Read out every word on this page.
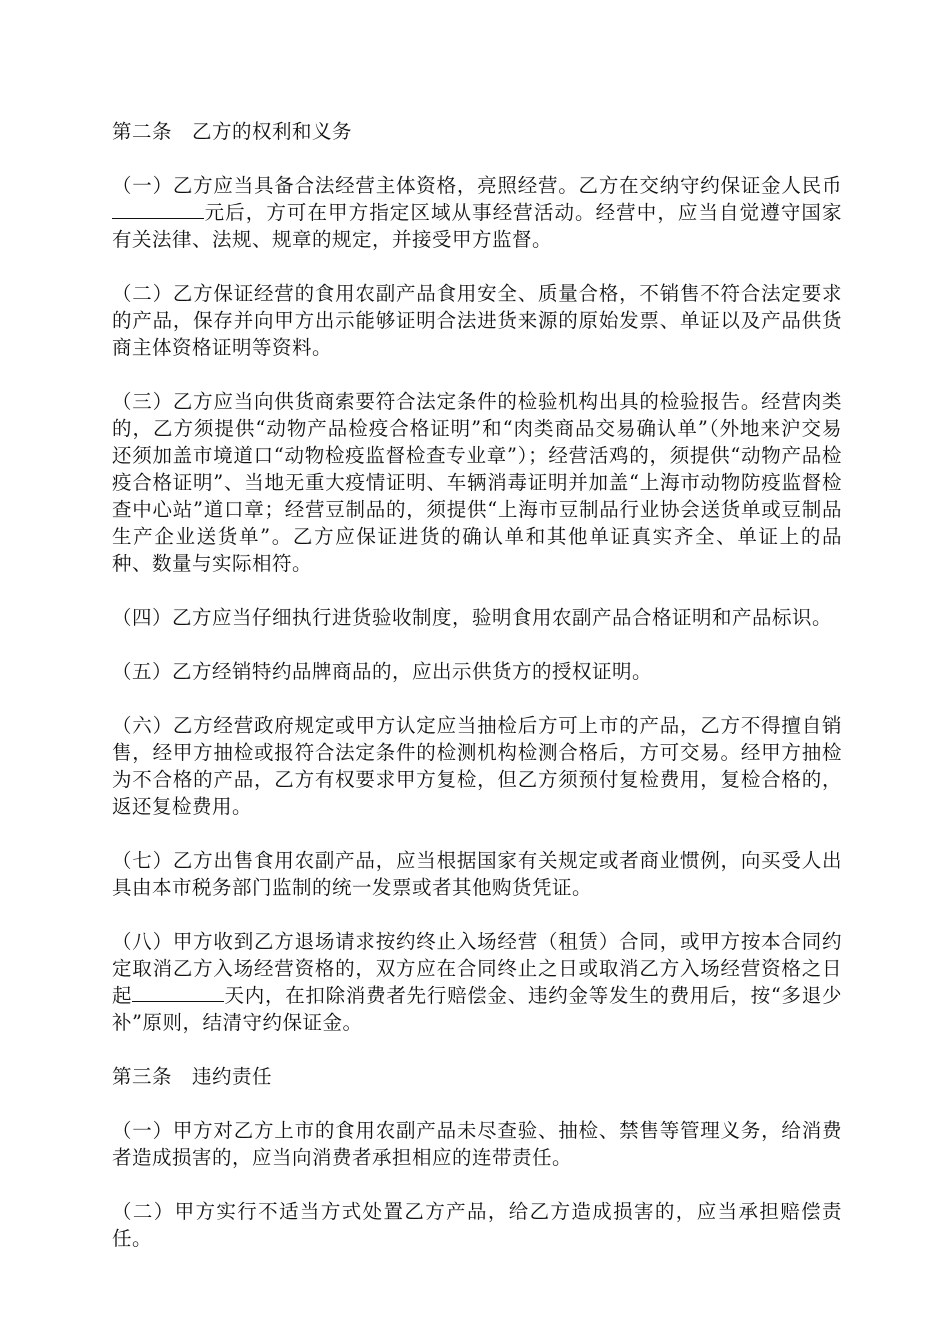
第二条　乙方的权利和义务

（一）乙方应当具备合法经营主体资格，亮照经营。乙方在交纳守约保证金人民币元后，方可在甲方指定区域从事经营活动。经营中，应当自觉遵守国家有关法律、法规、规章的规定，并接受甲方监督。

（二）乙方保证经营的食用农副产品食用安全、质量合格，不销售不符合法定要求的产品，保存并向甲方出示能够证明合法进货来源的原始发票、单证以及产品供货商主体资格证明等资料。

（三）乙方应当向供货商索要符合法定条件的检验机构出具的检验报告。经营肉类的，乙方须提供“动物产品检疫合格证明”和“肉类商品交易确认单”（外地来沪交易还须加盖市境道口“动物检疫监督检查专业章”）；经营活鸡的，须提供“动物产品检疫合格证明”、当地无重大疫情证明、车辆消毒证明并加盖“上海市动物防疫监督检查中心站”道口章；经营豆制品的，须提供“上海市豆制品行业协会送货单或豆制品生产企业送货单”。乙方应保证进货的确认单和其他单证真实齐全、单证上的品种、数量与实际相符。

（四）乙方应当仔细执行进货验收制度，验明食用农副产品合格证明和产品标识。

（五）乙方经销特约品牌商品的，应出示供货方的授权证明。

（六）乙方经营政府规定或甲方认定应当抽检后方可上市的产品，乙方不得擅自销售，经甲方抽检或报符合法定条件的检测机构检测合格后，方可交易。经甲方抽检为不合格的产品，乙方有权要求甲方复检，但乙方须预付复检费用，复检合格的，返还复检费用。

（七）乙方出售食用农副产品，应当根据国家有关规定或者商业惯例，向买受人出具由本市税务部门监制的统一发票或者其他购货凭证。

（八）甲方收到乙方退场请求按约终止入场经营（租赁）合同，或甲方按本合同约定取消乙方入场经营资格的，双方应在合同终止之日或取消乙方入场经营资格之日起	天内，在扣除消费者先行赔偿金、违约金等发生的费用后，按“多退少补”原则，结清守约保证金。

第三条　违约责任

（一）甲方对乙方上市的食用农副产品未尽查验、抽检、禁售等管理义务，给消费者造成损害的，应当向消费者承担相应的连带责任。

（二）甲方实行不适当方式处置乙方产品，给乙方造成损害的，应当承担赔偿责任。
